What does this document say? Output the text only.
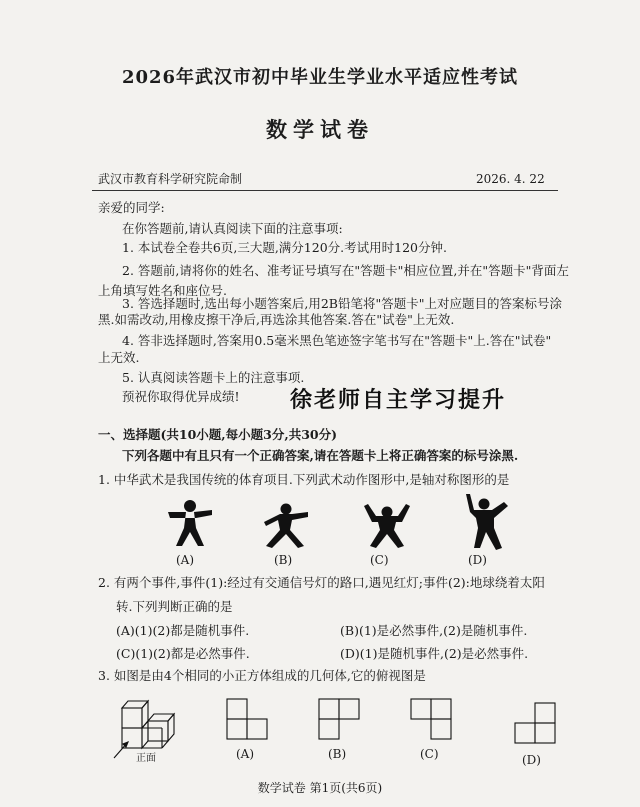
2026年武汉市初中毕业生学业水平适应性考试
数学试卷
武汉市教育科学研究院命制	2026. 4. 22
亲爱的同学:
在你答题前,请认真阅读下面的注意事项:
1. 本试卷全卷共6页,三大题,满分120分.考试用时120分钟.
2. 答题前,请将你的姓名、准考证号填写在"答题卡"相应位置,并在"答题卡"背面左
上角填写姓名和座位号.
3. 答选择题时,选出每小题答案后,用2B铅笔将"答题卡"上对应题目的答案标号涂
黑.如需改动,用橡皮擦干净后,再选涂其他答案.答在"试卷"上无效.
4. 答非选择题时,答案用0.5毫米黑色笔迹签字笔书写在"答题卡"上.答在"试卷"
上无效.
5. 认真阅读答题卡上的注意事项.
预祝你取得优异成绩! 徐老师自主学习提升
一、选择题(共10小题,每小题3分,共30分)
下列各题中有且只有一个正确答案,请在答题卡上将正确答案的标号涂黑.
1. 中华武术是我国传统的体育项目.下列武术动作图形中,是轴对称图形的是
(A)	(B)	(C)	(D)
2. 有两个事件,事件(1):经过有交通信号灯的路口,遇见红灯;事件(2):地球绕着太阳
转.下列判断正确的是
(A)(1)(2)都是随机事件.	(B)(1)是必然事件,(2)是随机事件.
(C)(1)(2)都是必然事件.	(D)(1)是随机事件,(2)是必然事件.
3. 如图是由4个相同的小正方体组成的几何体,它的俯视图是
正面	(A)	(B)	(C)	(D)
数学试卷 第1页(共6页)
